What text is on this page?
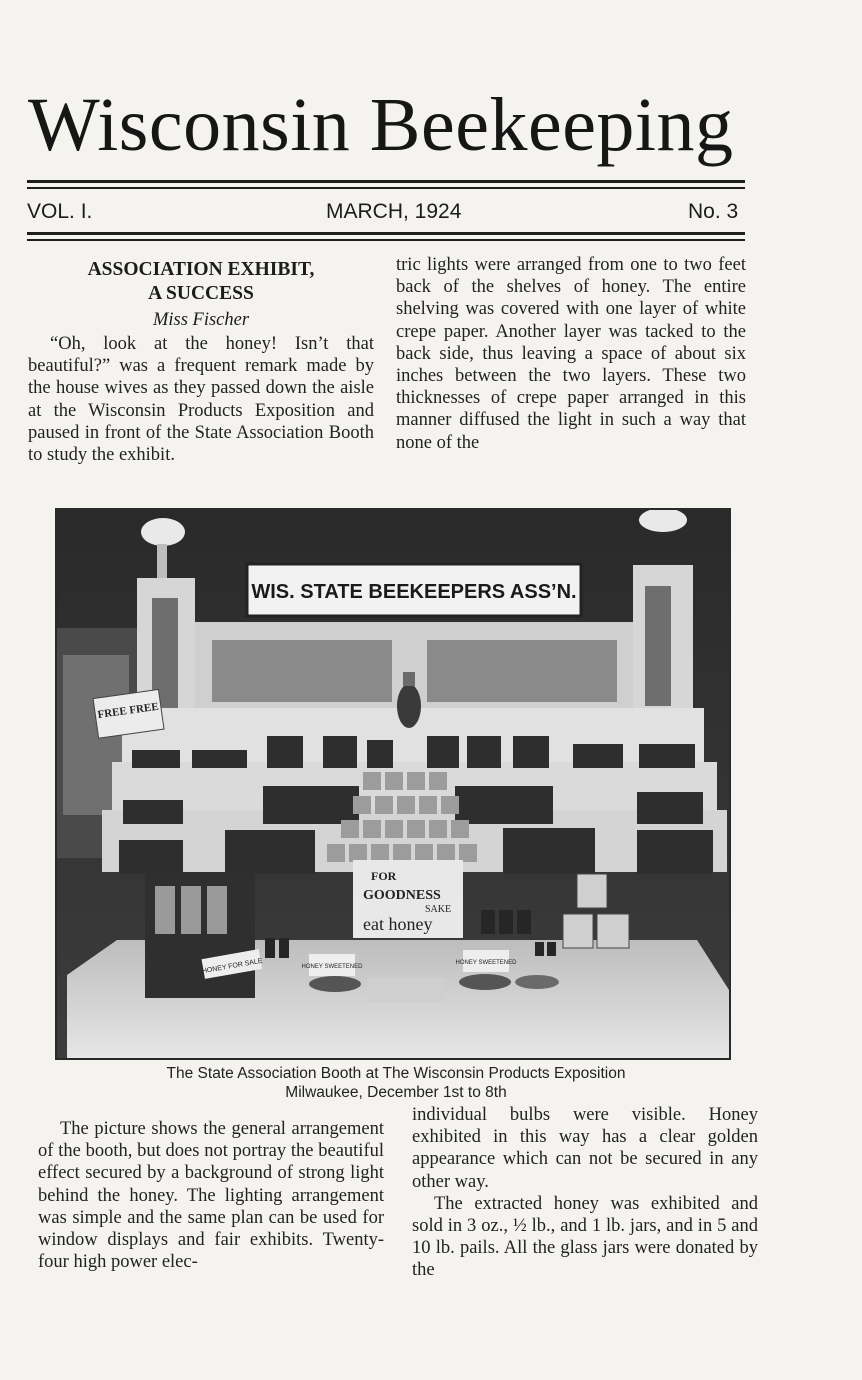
Wisconsin Beekeeping
VOL. I.	MARCH, 1924	No. 3
ASSOCIATION EXHIBIT,
A SUCCESS
Miss Fischer

“Oh, look at the honey! Isn’t that beautiful?” was a frequent remark made by the house wives as they passed down the aisle at the Wisconsin Products Exposition and paused in front of the State Association Booth to study the exhibit.

tric lights were arranged from one to two feet back of the shelves of honey. The entire shelving was covered with one layer of white crepe paper. Another layer was tacked to the back side, thus leaving a space of about six inches between the two layers. These two thicknesses of crepe paper arranged in this manner diffused the light in such a way that none of the

WIS. STATE BEEKEEPERS ASS’N.
FREE FREE
FOR
GOODNESS
SAKE
eat honey
HONEY FOR SALE	HONEY SWEETENED
HONEY SWEETENED
The State Association Booth at The Wisconsin Products Exposition
Milwaukee, December 1st to 8th

The picture shows the general arrangement of the booth, but does not portray the beautiful effect secured by a background of strong light behind the honey. The lighting arrangement was simple and the same plan can be used for window displays and fair exhibits. Twenty-four high power elec-

individual bulbs were visible. Honey exhibited in this way has a clear golden appearance which can not be secured in any other way.

The extracted honey was exhibited and sold in 3 oz., ½ lb., and 1 lb. jars, and in 5 and 10 lb. pails. All the glass jars were donated by the
